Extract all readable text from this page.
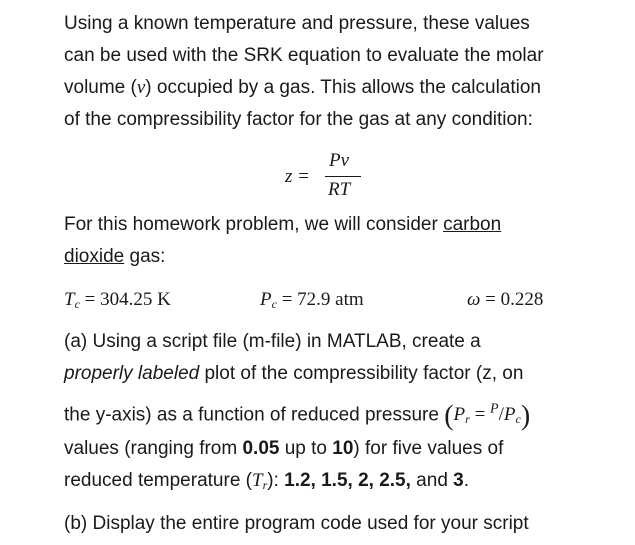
Using a known temperature and pressure, these values
can be used with the SRK equation to evaluate the molar
volume (v) occupied by a gas. This allows the calculation
of the compressibility factor for the gas at any condition:
z =
Pv
RT
For this homework problem, we will consider carbon
dioxide gas:
$T_c = 304.25$ K	$P_c = 72.9$ atm	ω = 0.228
(a) Using a script file (m-file) in MATLAB, create a
properly labeled plot of the compressibility factor (z, on
the y-axis) as a function of reduced pressure $(P_r = ^P/P_c)$
values (ranging from 0.05 up to 10) for five values of
reduced temperature $(T_r)$: 1.2, 1.5, 2, 2.5, and 3.
(b) Display the entire program code used for your script
